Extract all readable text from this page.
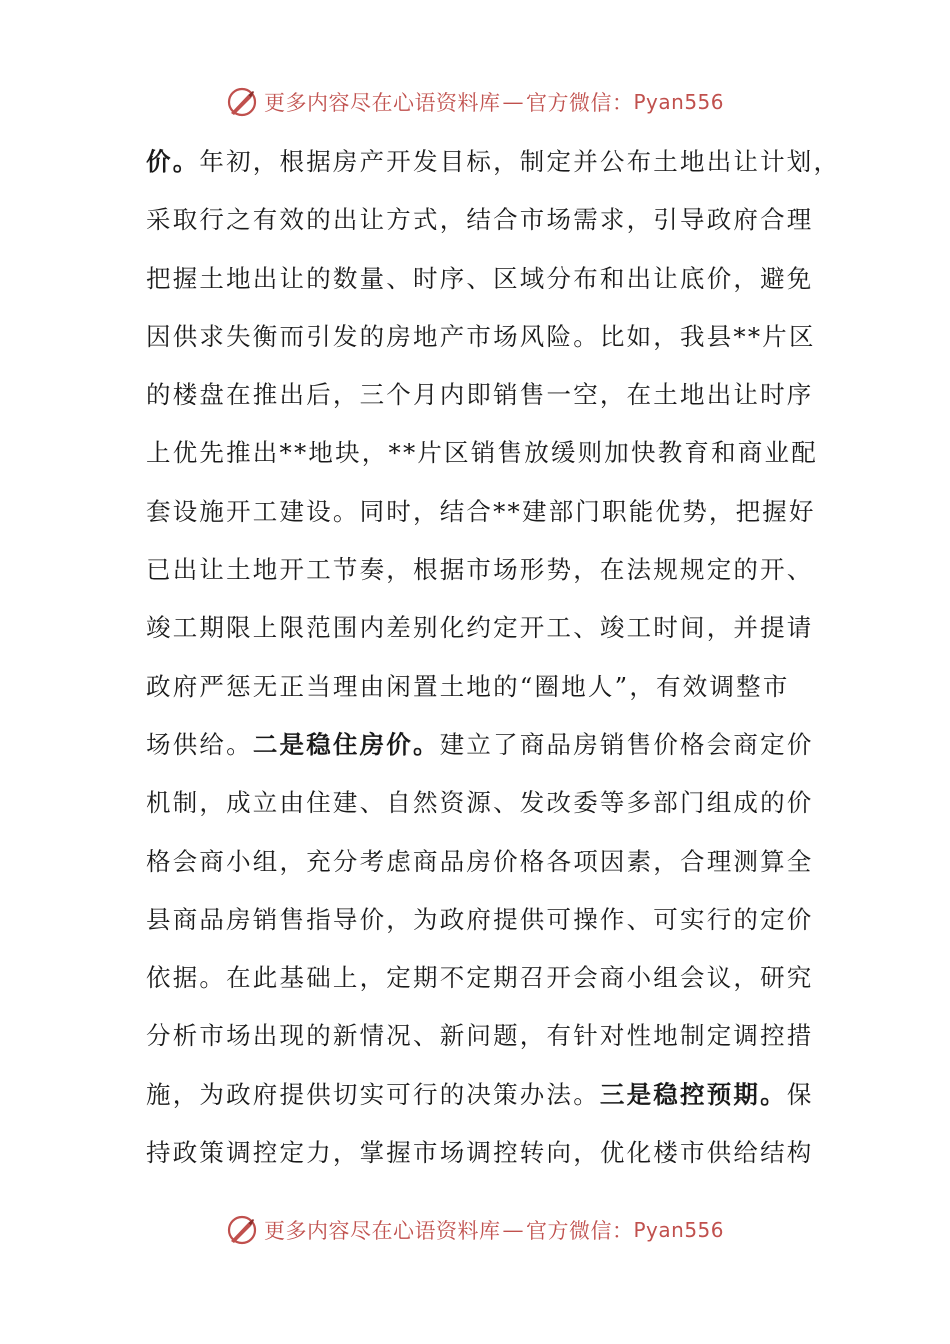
更多内容尽在心语资料库 — 官方微信： Pyan556
价。年初，根据房产开发目标，制定并公布土地出让计划，
采取行之有效的出让方式，结合市场需求，引导政府合理
把握土地出让的数量、时序、区域分布和出让底价，避免
因供求失衡而引发的房地产市场风险。比如，我县**片区
的楼盘在推出后，三个月内即销售一空，在土地出让时序
上优先推出**地块，**片区销售放缓则加快教育和商业配
套设施开工建设。同时，结合**建部门职能优势，把握好
已出让土地开工节奏，根据市场形势，在法规规定的开、
竣工期限上限范围内差别化约定开工、竣工时间，并提请
政府严惩无正当理由闲置土地的“圈地人”，有效调整市
场供给。二是稳住房价。建立了商品房销售价格会商定价
机制，成立由住建、自然资源、发改委等多部门组成的价
格会商小组，充分考虑商品房价格各项因素，合理测算全
县商品房销售指导价，为政府提供可操作、可实行的定价
依据。在此基础上，定期不定期召开会商小组会议，研究
分析市场出现的新情况、新问题，有针对性地制定调控措
施，为政府提供切实可行的决策办法。三是稳控预期。保
持政策调控定力，掌握市场调控转向，优化楼市供给结构
更多内容尽在心语资料库 — 官方微信： Pyan556
